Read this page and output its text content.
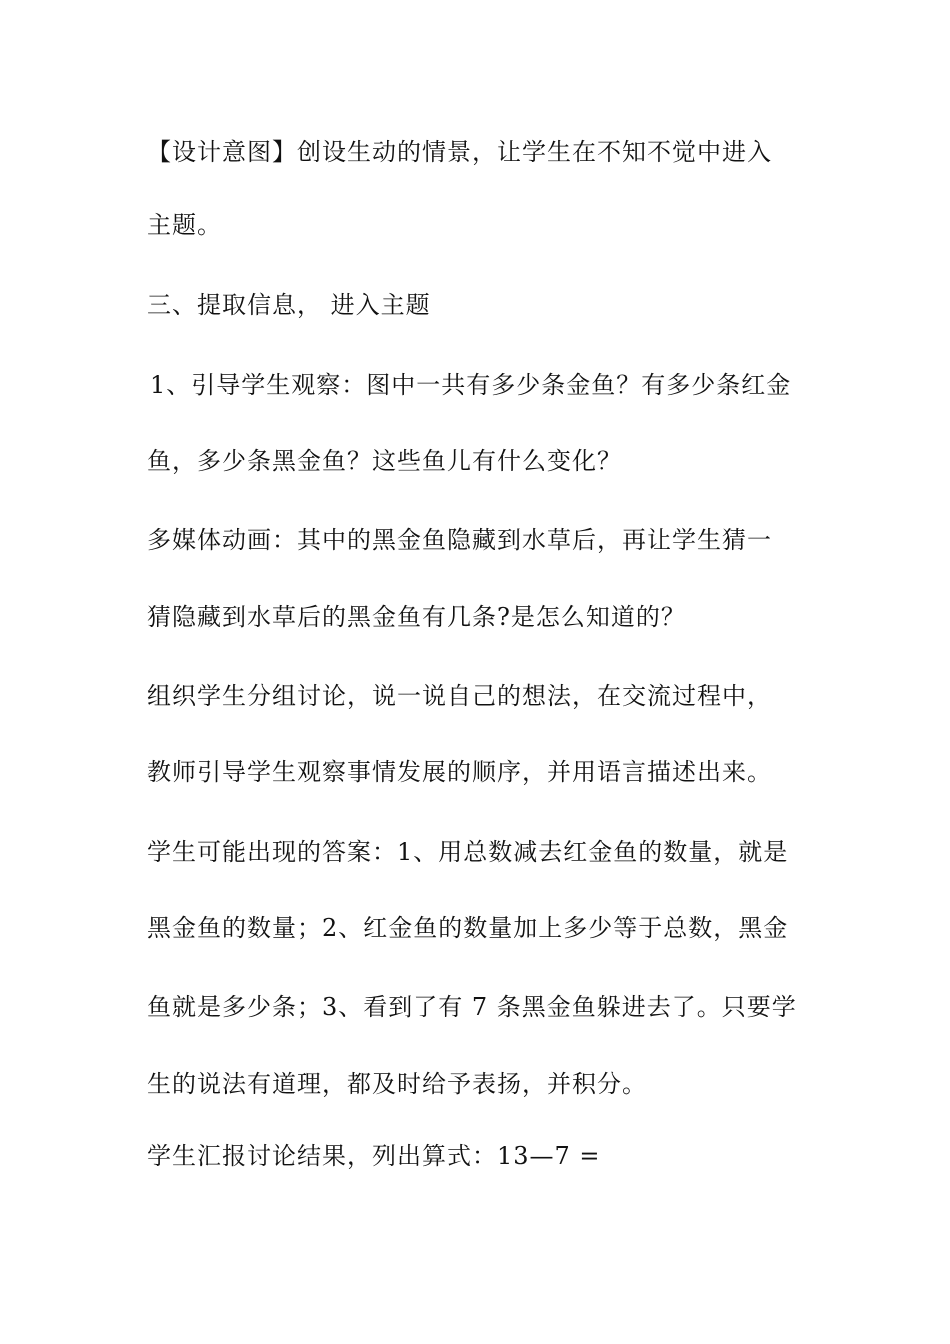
【设计意图】创设生动的情景，让学生在不知不觉中进入
主题。
三、提取信息， 进入主题
1、引导学生观察：图中一共有多少条金鱼？有多少条红金
鱼，多少条黑金鱼？这些鱼儿有什么变化？
多媒体动画：其中的黑金鱼隐藏到水草后，再让学生猜一
猜隐藏到水草后的黑金鱼有几条?是怎么知道的？
组织学生分组讨论，说一说自己的想法，在交流过程中，
教师引导学生观察事情发展的顺序，并用语言描述出来。
学生可能出现的答案：1、用总数减去红金鱼的数量，就是
黑金鱼的数量；2、红金鱼的数量加上多少等于总数，黑金
鱼就是多少条；3、看到了有 7 条黑金鱼躲进去了。只要学
生的说法有道理，都及时给予表扬，并积分。
学生汇报讨论结果，列出算式：13—7 =
